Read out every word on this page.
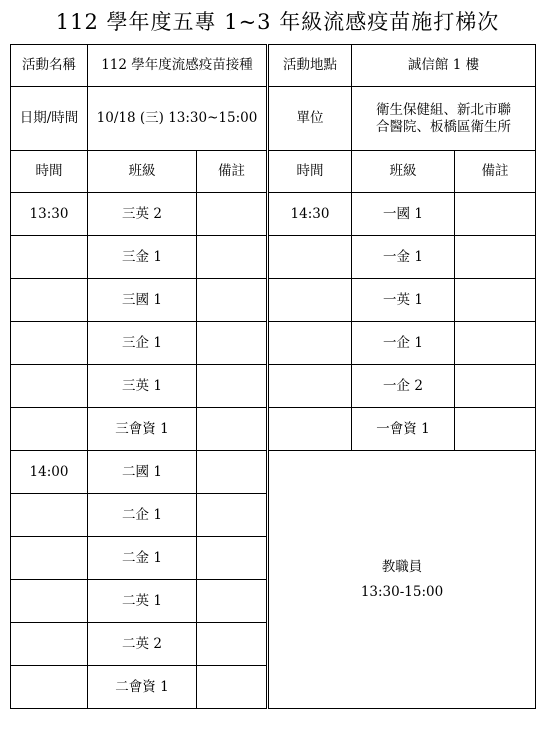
112 學年度五專 1~3 年級流感疫苗施打梯次
活動名稱	112 學年度流感疫苗接種		活動地點	誠信館 1 樓	
日期/時間	10/18 (三) 13:30~15:00		單位	衛生保健組、新北市聯
合醫院、板橋區衛生所	
時間	班級	備註	時間	班級	備註
13:30	三英 2		14:30	一國 1	
	三金 1			一金 1	
	三國 1			一英 1	
	三企 1			一企 1	
	三英 1			一企 2	
	三會資 1			一會資 1	
14:00	二國 1		教職員
13:30-15:00		

	二企 1				
	二金 1				
	二英 1				
	二英 2				
	二會資 1				
